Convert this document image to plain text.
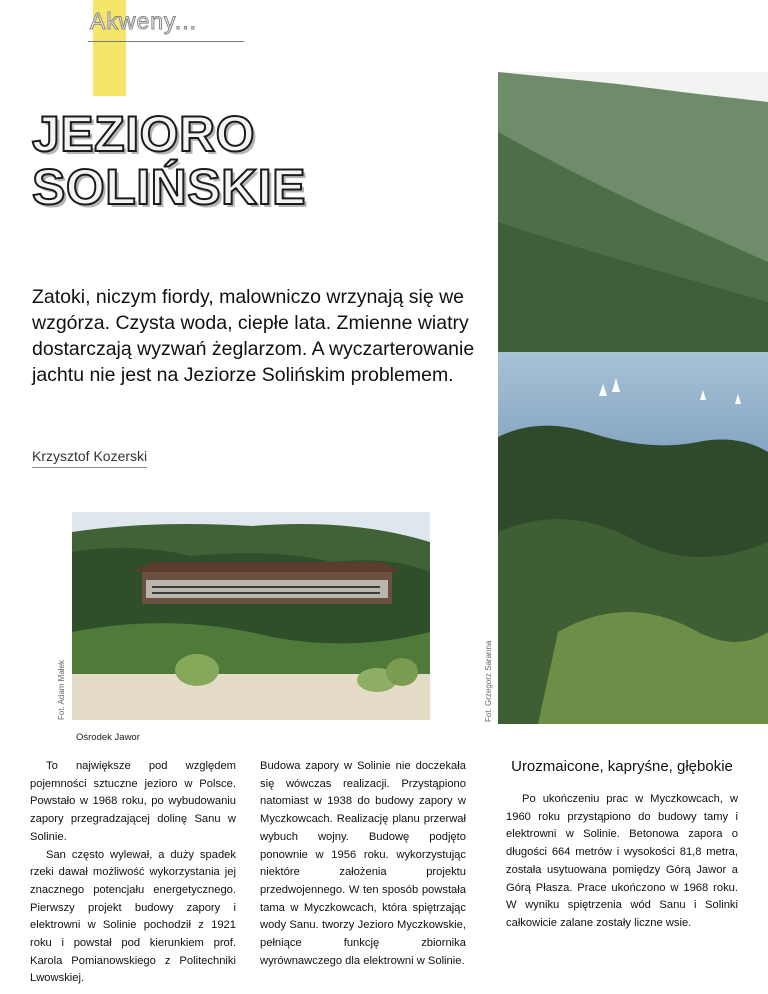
Akweny...
JEZIORO
SOLIŃSKIE

Zatoki, niczym fiordy, malowniczo wrzynają się we wzgórza. Czysta woda, ciepłe lata. Zmienne wiatry dostarczają wyzwań żeglarzom. A wyczarterowanie jachtu nie jest na Jeziorze Solińskim problemem.

Krzysztof Kozerski

Fot. Grzegorz Saranna
Fot. Adam Małek

Ośrodek Jawor

To największe pod względem pojemności sztuczne jezioro w Polsce. Powstało w 1968 roku, po wybudowaniu zapory przegradzającej dolinę Sanu w Solinie.

San często wylewał, a duży spadek rzeki dawał możliwość wykorzystania jej znacznego potencjału energetycznego. Pierwszy projekt budowy zapory i elektrowni w Solinie pochodził z 1921 roku i powstał pod kierunkiem prof. Karola Pomianowskiego z Politechniki Lwowskiej.

Budowa zapory w Solinie nie doczekała się wówczas realizacji. Przystąpiono natomiast w 1938 do budowy zapory w Myczkowcach. Realizację planu przerwał wybuch wojny. Budowę podjęto ponownie w 1956 roku. wykorzystując niektóre założenia projektu przedwojennego. W ten sposób powstała tama w Myczkowcach, która spiętrzając wody Sanu. tworzy Jezioro Myczkowskie, pełniące funkcję zbiornika wyrównawczego dla elektrowni w Solinie.

Urozmaicone, kapryśne, głębokie

Po ukończeniu prac w Myczkowcach, w 1960 roku przystąpiono do budowy tamy i elektrowni w Solinie. Betonowa zapora o długości 664 metrów i wysokości 81,8 metra, została usytuowana pomiędzy Górą Jawor a Górą Płasza. Prace ukończono w 1968 roku. W wyniku spiętrzenia wód Sanu i Solinki całkowicie zalane zostały liczne wsie.
